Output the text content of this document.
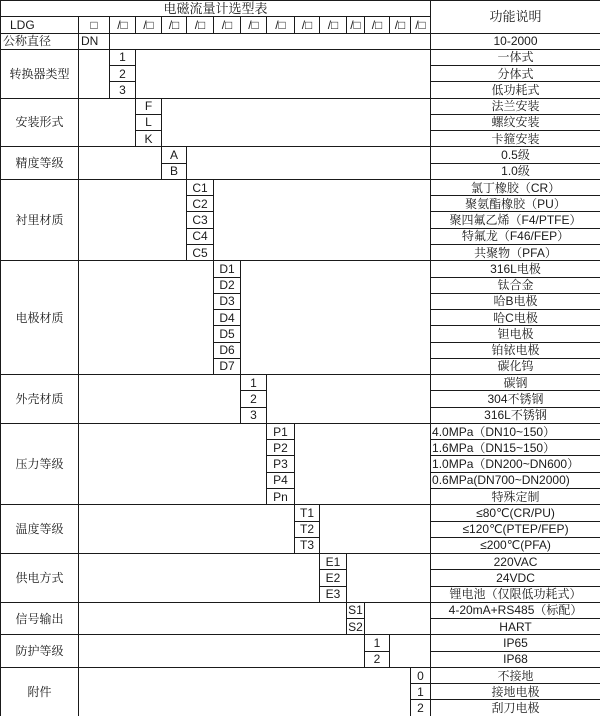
电磁流量计选型表															功能说明
LDG	□	/□	/□	/□	/□	/□	/□	/□	/□	/□	/□	/□	/□	/□	
公称直径	DN														10-2000
转换器类型		1													一体式
		2													分体式
		3													低功耗式
安装形式			F												法兰安装
			L												螺纹安装
			K												卡箍安装
精度等级				A											0.5级
				B											1.0级
衬里材质					C1										氯丁橡胶（CR）
					C2										聚氨酯橡胶（PU）
					C3										聚四氟乙烯（F4/PTFE）
					C4										特氟龙（F46/FEP）
					C5										共聚物（PFA）
电极材质						D1									316L电极
						D2									钛合金
						D3									哈B电极
						D4									哈C电极
						D5									钽电极
						D6									铂铱电极
						D7									碳化钨
外壳材质							1								碳钢
							2								304不锈钢
							3								316L不锈钢
压力等级								P1							4.0MPa（DN10~150）
								P2							1.6MPa（DN15~150）
								P3							1.0MPa（DN200~DN600）
								P4							0.6MPa(DN700~DN2000)
								Pn							特殊定制
温度等级									T1						≤80℃(CR/PU)
									T2						≤120℃(PTEP/FEP)
									T3						≤200℃(PFA)
供电方式										E1					220VAC
										E2					24VDC
										E3					锂电池（仅限低功耗式）
信号输出											S1				4-20mA+RS485（标配）
											S2				HART
防护等级												1			IP65
												2			IP68
附件														0	不接地
														1	接地电极
														2	刮刀电极
